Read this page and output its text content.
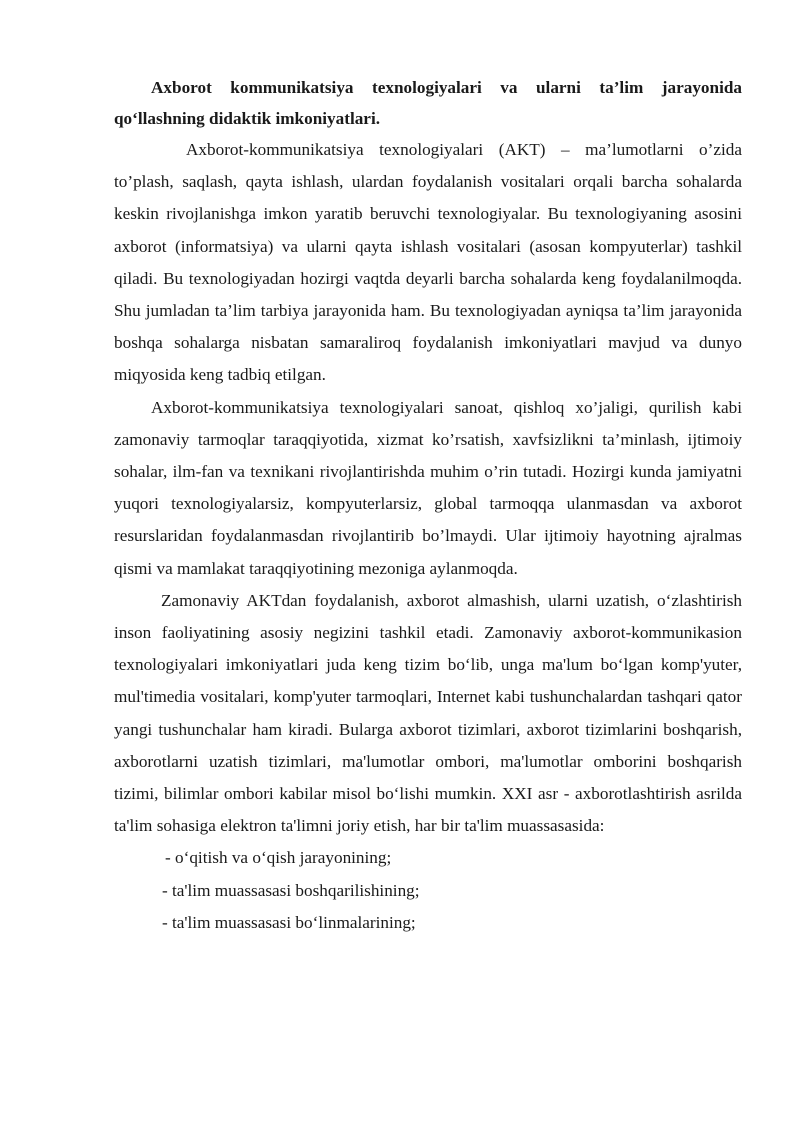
Axborot kommunikatsiya texnologiyalari va ularni ta’lim jarayonida qo‘llashning didaktik imkoniyatlari.

Axborot-kommunikatsiya texnologiyalari (AKT) – ma’lumotlarni o’zida to’plash, saqlash, qayta ishlash, ulardan foydalanish vositalari orqali barcha sohalarda keskin rivojlanishga imkon yaratib beruvchi texnologiyalar. Bu texnologiyaning asosini axborot (informatsiya) va ularni qayta ishlash vositalari (asosan kompyuterlar) tashkil qiladi. Bu texnologiyadan hozirgi vaqtda deyarli barcha sohalarda keng foydalanilmoqda. Shu jumladan ta’lim tarbiya jarayonida ham. Bu texnologiyadan ayniqsa ta’lim jarayonida boshqa sohalarga nisbatan samaraliroq foydalanish imkoniyatlari mavjud va dunyo miqyosida keng tadbiq etilgan.

Axborot-kommunikatsiya texnologiyalari sanoat, qishloq xo’jaligi, qurilish kabi zamonaviy tarmoqlar taraqqiyotida, xizmat ko’rsatish, xavfsizlikni ta’minlash, ijtimoiy sohalar, ilm-fan va texnikani rivojlantirishda muhim o’rin tutadi. Hozirgi kunda jamiyatni yuqori texnologiyalarsiz, kompyuterlarsiz, global tarmoqqa ulanmasdan va axborot resurslaridan foydalanmasdan rivojlantirib bo’lmaydi. Ular ijtimoiy hayotning ajralmas qismi va mamlakat taraqqiyotining mezoniga aylanmoqda.

Zamonaviy AKTdan foydalanish, axborot almashish, ularni uzatish, o‘zlashtirish inson faoliyatining asosiy negizini tashkil etadi. Zamonaviy axborot-kommunikasion texnologiyalari imkoniyatlari juda keng tizim bo‘lib, unga ma'lum bo‘lgan komp'yuter, mul'timedia vositalari, komp'yuter tarmoqlari, Internet kabi tushunchalardan tashqari qator yangi tushunchalar ham kiradi. Bularga axborot tizimlari, axborot tizimlarini boshqarish, axborotlarni uzatish tizimlari, ma'lumotlar ombori, ma'lumotlar omborini boshqarish tizimi, bilimlar ombori kabilar misol bo‘lishi mumkin. XXI asr - axborotlashtirish asrilda ta'lim sohasiga elektron ta'limni joriy etish, har bir ta'lim muassasasida:

- o‘qitish va o‘qish jarayonining;
- ta'lim muassasasi boshqarilishining;
- ta'lim muassasasi bo‘linmalarining;
